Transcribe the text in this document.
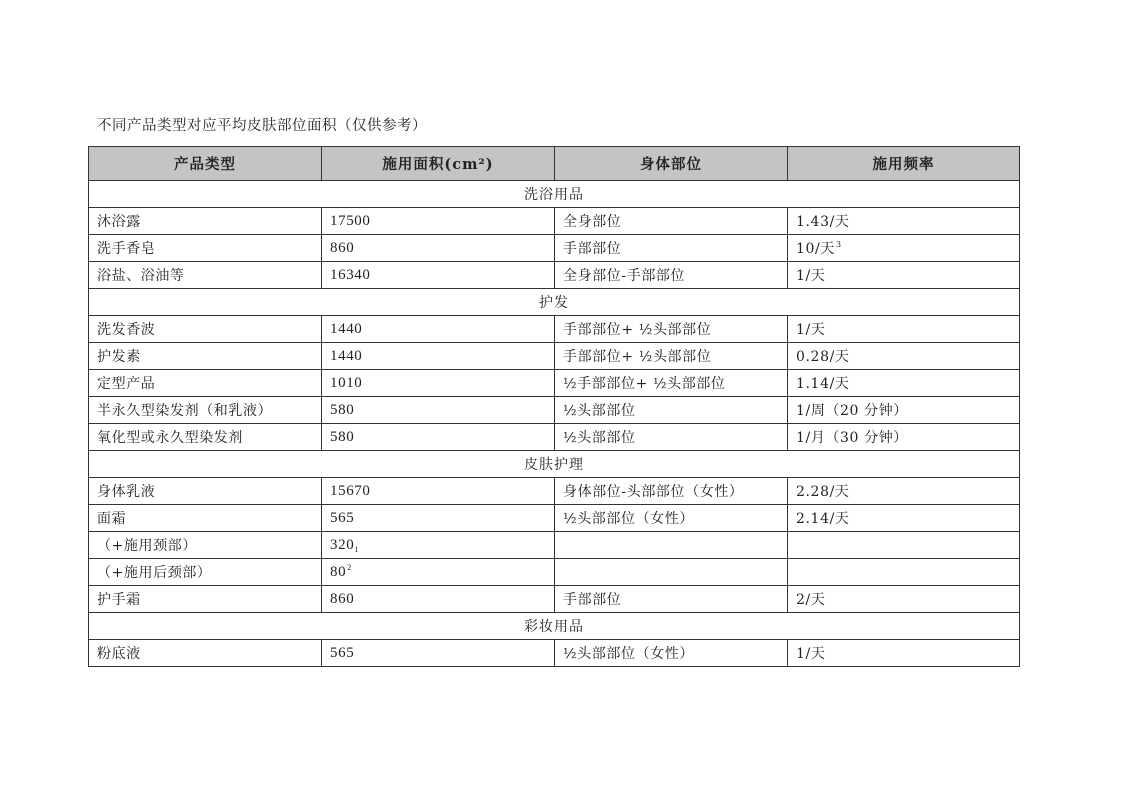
不同产品类型对应平均皮肤部位面积（仅供参考）
产品类型	施用面积(cm²)	身体部位	施用频率
洗浴用品			
沐浴露	17500	全身部位	1.43/天
洗手香皂	860	手部部位	10/天$^3$
浴盐、浴油等	16340	全身部位-手部部位	1/天
护发			
洗发香波	1440	手部部位+ ½头部部位	1/天
护发素	1440	手部部位+ ½头部部位	0.28/天
定型产品	1010	½手部部位+ ½头部部位	1.14/天
半永久型染发剂（和乳液）	580	½头部部位	1/周（20 分钟）
氧化型或永久型染发剂	580	½头部部位	1/月（30 分钟）
皮肤护理			
身体乳液	15670	身体部位-头部部位（女性）	2.28/天
面霜	565	½头部部位（女性）	2.14/天
（+施用颈部）	$320_1$		
（+施用后颈部）	$80^2$		
护手霜	860	手部部位	2/天
彩妆用品			
粉底液	565	½头部部位（女性）	1/天
